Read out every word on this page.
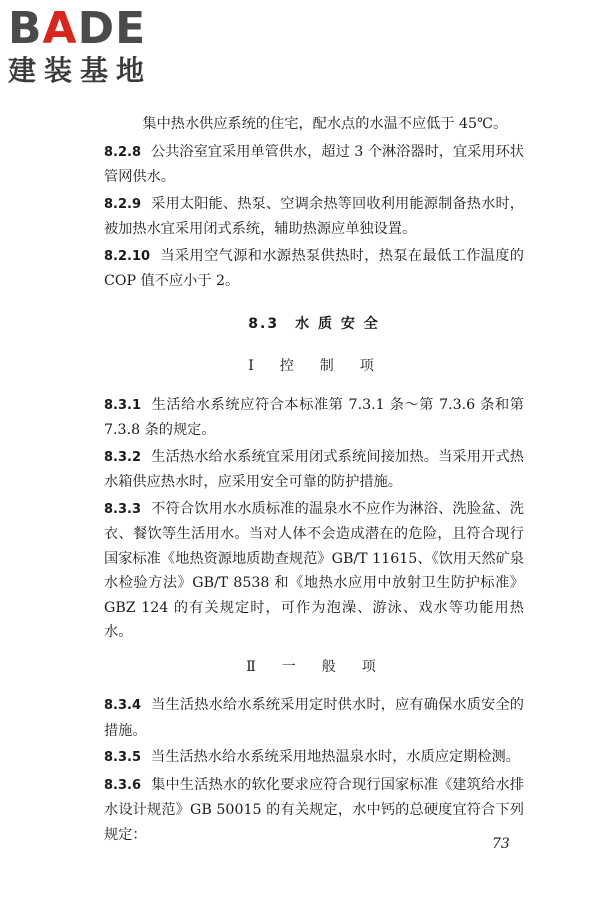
BADE
建装基地

集中热水供应系统的住宅，配水点的水温不应低于 45℃。

8.2.8 公共浴室宜采用单管供水，超过 3 个淋浴器时，宜采用环状管网供水。

8.2.9 采用太阳能、热泵、空调余热等回收利用能源制备热水时，被加热水宜采用闭式系统，辅助热源应单独设置。

8.2.10 当采用空气源和水源热泵供热时，热泵在最低工作温度的 COP 值不应小于 2。

8.3　水 质 安 全
Ⅰ　控　制　项

8.3.1 生活给水系统应符合本标准第 7.3.1 条～第 7.3.6 条和第 7.3.8 条的规定。

8.3.2 生活热水给水系统宜采用闭式系统间接加热。当采用开式热水箱供应热水时，应采用安全可靠的防护措施。

8.3.3 不符合饮用水水质标准的温泉水不应作为淋浴、洗脸盆、洗衣、餐饮等生活用水。当对人体不会造成潜在的危险，且符合现行国家标准《地热资源地质勘查规范》GB/T 11615、《饮用天然矿泉水检验方法》GB/T 8538 和《地热水应用中放射卫生防护标准》GBZ 124 的有关规定时，可作为泡澡、游泳、戏水等功能用热水。

Ⅱ　一　般　项

8.3.4 当生活热水给水系统采用定时供水时，应有确保水质安全的措施。

8.3.5 当生活热水给水系统采用地热温泉水时，水质应定期检测。

8.3.6 集中生活热水的软化要求应符合现行国家标准《建筑给水排水设计规范》GB 50015 的有关规定，水中钙的总硬度宜符合下列规定：

73
